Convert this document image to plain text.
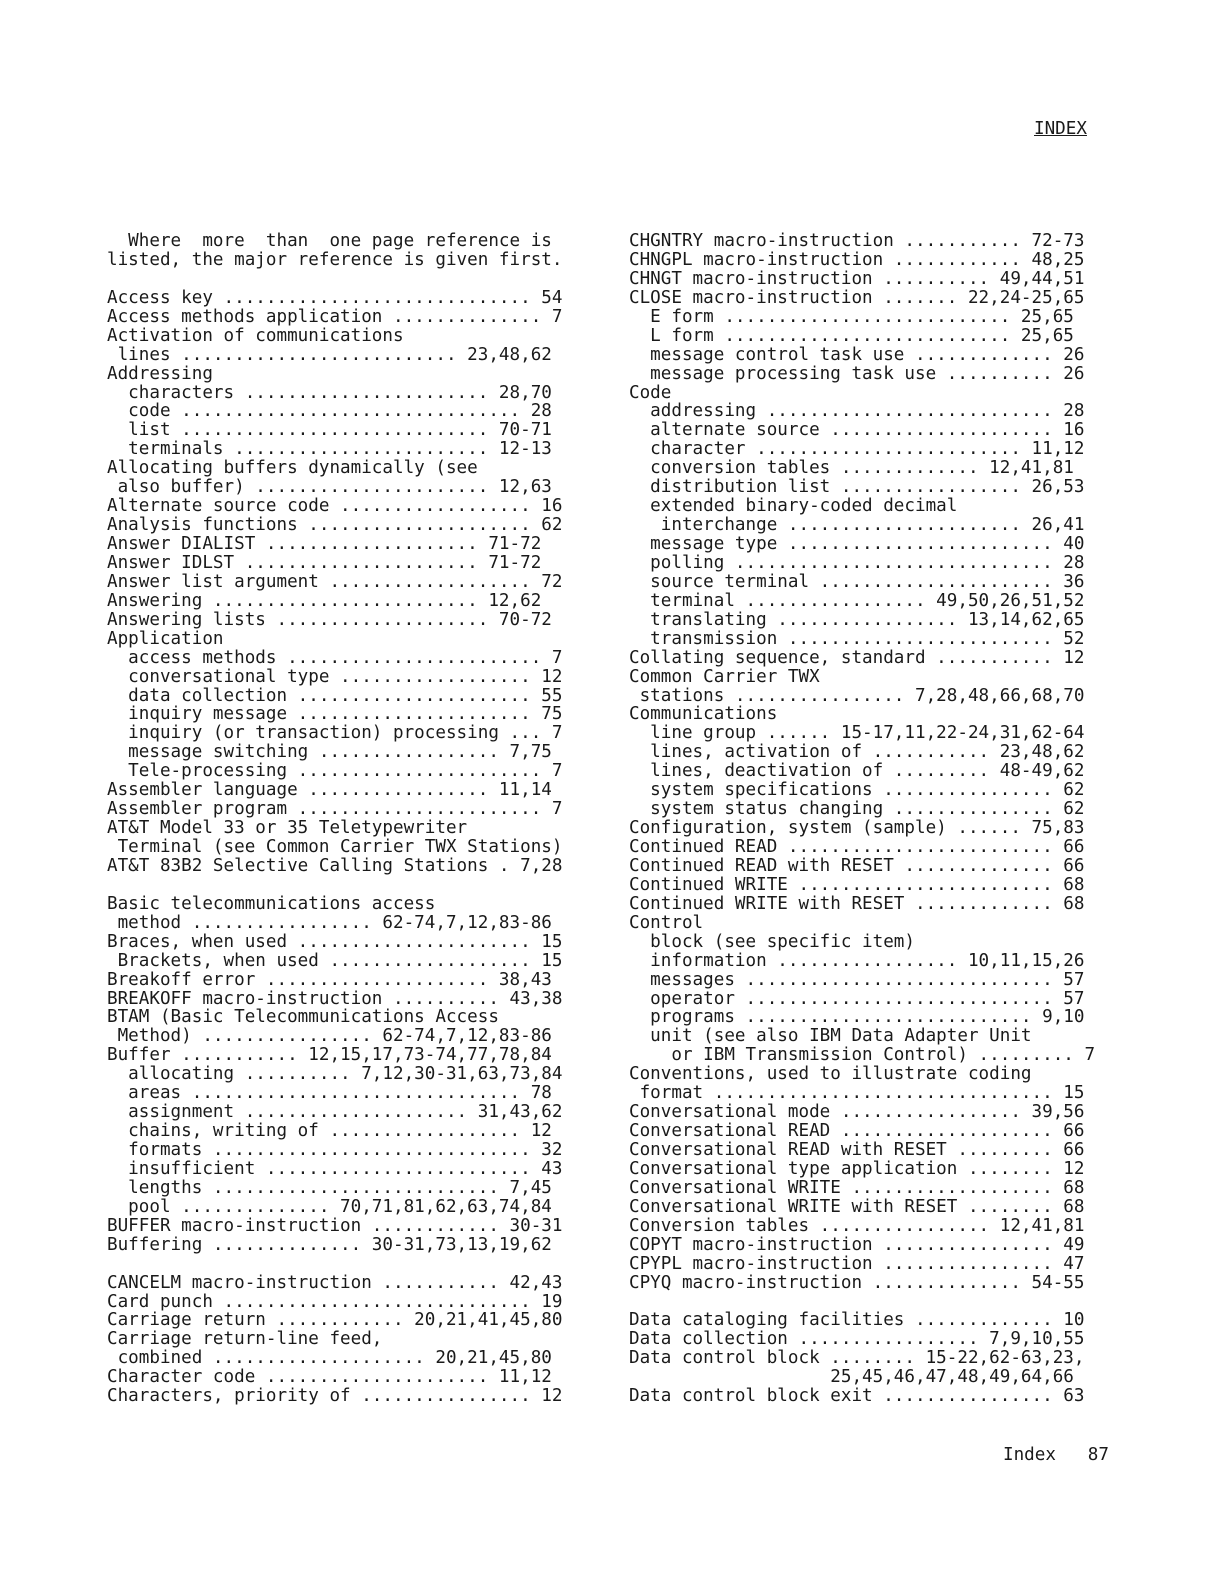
INDEX
Where  more  than  one page reference is
listed, the major reference is given first.
Access key ............................. 54
Access methods application .............. 7
Activation of communications
lines .......................... 23,48,62
Addressing
characters ....................... 28,70
code ................................ 28
list ............................. 70-71
terminals ........................ 12-13
Allocating buffers dynamically (see
also buffer) ...................... 12,63
Alternate source code .................. 16
Analysis functions ..................... 62
Answer DIALIST .................... 71-72
Answer IDLST ...................... 71-72
Answer list argument ................... 72
Answering ......................... 12,62
Answering lists .................... 70-72
Application
access methods ........................ 7
conversational type .................. 12
data collection ...................... 55
inquiry message ...................... 75
inquiry (or transaction) processing ... 7
message switching ................. 7,75
Tele-processing ....................... 7
Assembler language ................. 11,14
Assembler program ....................... 7
AT&T Model 33 or 35 Teletypewriter
Terminal (see Common Carrier TWX Stations)
AT&T 83B2 Selective Calling Stations . 7,28
Basic telecommunications access
method ................. 62-74,7,12,83-86
Braces, when used ...................... 15
Brackets, when used ................... 15
Breakoff error ..................... 38,43
BREAKOFF macro-instruction .......... 43,38
BTAM (Basic Telecommunications Access
Method) ................ 62-74,7,12,83-86
Buffer ........... 12,15,17,73-74,77,78,84
allocating .......... 7,12,30-31,63,73,84
areas ............................... 78
assignment ..................... 31,43,62
chains, writing of .................. 12
formats .............................. 32
insufficient ......................... 43
lengths ........................... 7,45
pool .............. 70,71,81,62,63,74,84
BUFFER macro-instruction ............ 30-31
Buffering .............. 30-31,73,13,19,62
CANCELM macro-instruction ........... 42,43
Card punch ............................. 19
Carriage return ............ 20,21,41,45,80
Carriage return-line feed,
combined .................... 20,21,45,80
Character code ..................... 11,12
Characters, priority of ................ 12
CHGNTRY macro-instruction ........... 72-73
CHNGPL macro-instruction ............ 48,25
CHNGT macro-instruction .......... 49,44,51
CLOSE macro-instruction ....... 22,24-25,65
E form ........................... 25,65
L form ........................... 25,65
message control task use ............. 26
message processing task use .......... 26
Code
addressing ........................... 28
alternate source ..................... 16
character ......................... 11,12
conversion tables ............. 12,41,81
distribution list ................. 26,53
extended binary-coded decimal
interchange ...................... 26,41
message type ......................... 40
polling .............................. 28
source terminal ...................... 36
terminal ................. 49,50,26,51,52
translating ................. 13,14,62,65
transmission ......................... 52
Collating sequence, standard ........... 12
Common Carrier TWX
stations ................ 7,28,48,66,68,70
Communications
line group ...... 15-17,11,22-24,31,62-64
lines, activation of ........... 23,48,62
lines, deactivation of ......... 48-49,62
system specifications ................ 62
system status changing ............... 62
Configuration, system (sample) ...... 75,83
Continued READ ......................... 66
Continued READ with RESET .............. 66
Continued WRITE ........................ 68
Continued WRITE with RESET ............. 68
Control
block (see specific item)
information ................. 10,11,15,26
messages ............................. 57
operator ............................. 57
programs ........................... 9,10
unit (see also IBM Data Adapter Unit
or IBM Transmission Control) ......... 7
Conventions, used to illustrate coding
format ................................ 15
Conversational mode ................. 39,56
Conversational READ .................... 66
Conversational READ with RESET ......... 66
Conversational type application ........ 12
Conversational WRITE ................... 68
Conversational WRITE with RESET ........ 68
Conversion tables ................ 12,41,81
COPYT macro-instruction ................ 49
CPYPL macro-instruction ................ 47
CPYQ macro-instruction .............. 54-55
Data cataloging facilities ............. 10
Data collection ................. 7,9,10,55
Data control block ........ 15-22,62-63,23,
25,45,46,47,48,49,64,66
Data control block exit ................ 63
Index 87
